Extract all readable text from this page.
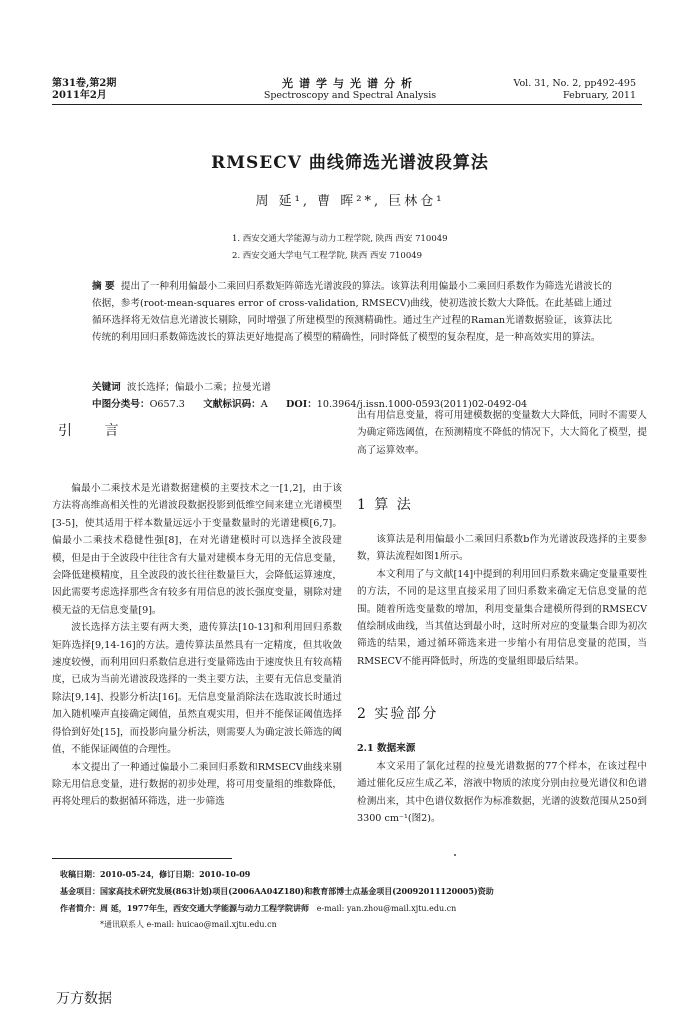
第31卷,第2期
2011年2月
光谱学与光谱分析
Spectroscopy and Spectral Analysis
Vol. 31, No. 2, pp492-495
February, 2011
RMSECV 曲线筛选光谱波段算法
周 延¹, 曹 晖²*, 巨林仓¹
1. 西安交通大学能源与动力工程学院, 陕西 西安 710049
2. 西安交通大学电气工程学院, 陕西 西安 710049
摘 要 提出了一种利用偏最小二乘回归系数矩阵筛选光谱波段的算法。该算法利用偏最小二乘回归系数作为筛选光谱波长的依据，参考(root-mean-squares error of cross-validation, RMSECV)曲线，使初选波长数大大降低。在此基础上通过循环选择将无效信息光谱波长剔除，同时增强了所建模型的预测精确性。通过生产过程的Raman光谱数据验证，该算法比传统的利用回归系数筛选波长的算法更好地提高了模型的精确性，同时降低了模型的复杂程度，是一种高效实用的算法。
关键词 波长选择；偏最小二乘；拉曼光谱
中图分类号：O657.3 文献标识码：A DOI：10.3964/j.issn.1000-0593(2011)02-0492-04
引 言

偏最小二乘技术是光谱数据建模的主要技术之一[1,2]，由于该方法将高维高相关性的光谱波段数据投影到低维空间来建立光谱模型[3-5]，使其适用于样本数量远远小于变量数量时的光谱建模[6,7]。偏最小二乘技术稳健性强[8]，在对光谱建模时可以选择全波段建模，但是由于全波段中往往含有大量对建模本身无用的无信息变量，会降低建模精度，且全波段的波长往往数量巨大，会降低运算速度，因此需要考虑选择那些含有较多有用信息的波长强度变量，剔除对建模无益的无信息变量[9]。

波长选择方法主要有两大类，遗传算法[10-13]和利用回归系数矩阵选择[9,14-16]的方法。遗传算法虽然具有一定精度，但其收敛速度较慢，而利用回归系数信息进行变量筛选由于速度快且有较高精度，已成为当前光谱波段选择的一类主要方法，主要有无信息变量消除法[9,14]、投影分析法[16]。无信息变量消除法在选取波长时通过加入随机噪声直接确定阈值，虽然直观实用，但并不能保证阈值选择得恰到好处[15]，而投影向量分析法，则需要人为确定波长筛选的阈值，不能保证阈值的合理性。

本文提出了一种通过偏最小二乘回归系数和RMSECV曲线来剔除无用信息变量，进行数据的初步处理，将可用变量组的维数降低，再将处理后的数据循环筛选，进一步筛选

出有用信息变量，将可用建模数据的变量数大大降低，同时不需要人为确定筛选阈值，在预测精度不降低的情况下，大大简化了模型，提高了运算效率。

1 算 法

该算法是利用偏最小二乘回归系数b作为光谱波段选择的主要参数，算法流程如图1所示。

本文利用了与文献[14]中提到的利用回归系数来确定变量重要性的方法，不同的是这里直接采用了回归系数来确定无信息变量的范围。随着所选变量数的增加，利用变量集合建模所得到的RMSECV值绘制成曲线，当其值达到最小时，这时所对应的变量集合即为初次筛选的结果，通过循环筛选来进一步缩小有用信息变量的范围，当RMSECV不能再降低时，所选的变量组即最后结果。

2 实验部分
2.1 数据来源

本文采用了氯化过程的拉曼光谱数据的77个样本，在该过程中通过催化反应生成乙苯，溶液中物质的浓度分别由拉曼光谱仪和色谱检测出来，其中色谱仪数据作为标准数据，光谱的波数范围从250到3300 cm⁻¹(图2)。

收稿日期：2010-05-24，修订日期：2010-10-09
基金项目：国家高技术研究发展(863计划)项目(2006AA04Z180)和教育部博士点基金项目(20092011120005)资助
作者简介：周 延，1977年生，西安交通大学能源与动力工程学院讲师 e-mail: yan.zhou@mail.xjtu.edu.cn
*通讯联系人 e-mail: huicao@mail.xjtu.edu.cn
万方数据
